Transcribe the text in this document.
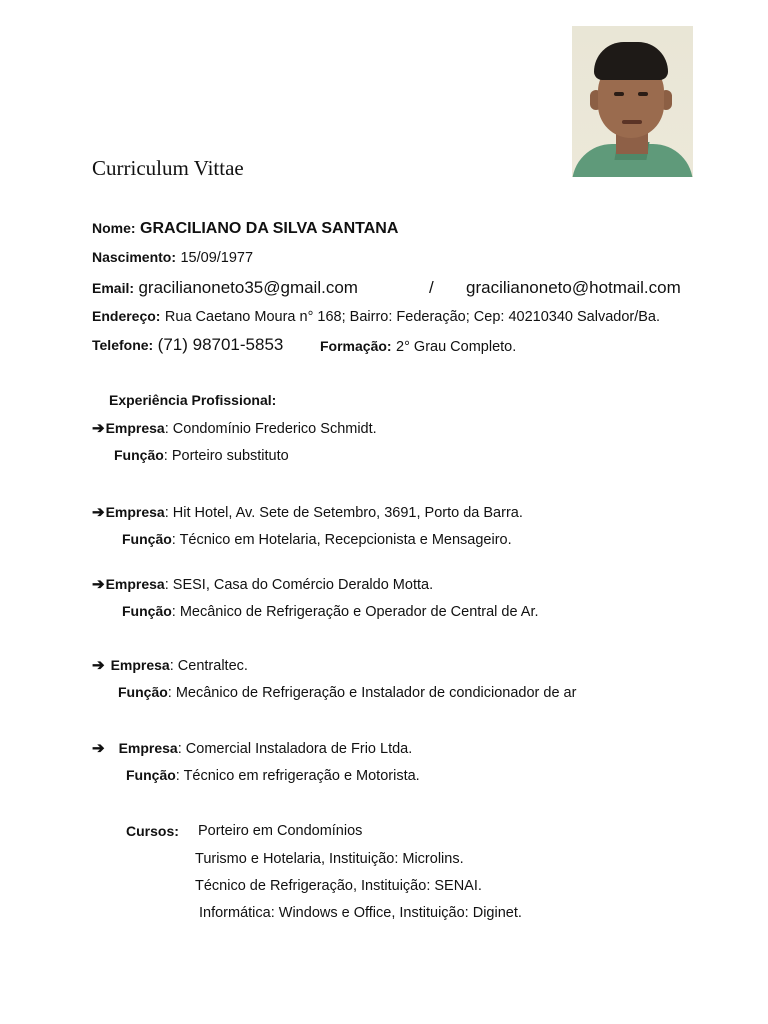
Curriculum Vittae
Nome: GRACILIANO DA SILVA SANTANA
Nascimento: 15/09/1977
Email: gracilianoneto35@gmail.com	/ gracilianoneto@hotmail.com
Endereço: Rua Caetano Moura n° 168; Bairro: Federação; Cep: 40210340 Salvador/Ba.
Telefone: (71) 98701-5853	Formação: 2° Grau Completo.
Experiência Profissional:
➔Empresa: Condomínio Frederico Schmidt.
Função: Porteiro substituto
➔Empresa: Hit Hotel, Av. Sete de Setembro, 3691, Porto da Barra.
Função: Técnico em Hotelaria, Recepcionista e Mensageiro.
➔Empresa: SESI, Casa do Comércio Deraldo Motta.
Função: Mecânico de Refrigeração e Operador de Central de Ar.
➔ Empresa: Centraltec.
Função: Mecânico de Refrigeração e Instalador de condicionador de ar
➔ Empresa: Comercial Instaladora de Frio Ltda.
Função: Técnico em refrigeração e Motorista.
Cursos: Porteiro em Condomínios
Turismo e Hotelaria, Instituição: Microlins.
Técnico de Refrigeração, Instituição: SENAI.
Informática: Windows e Office, Instituição: Diginet.
